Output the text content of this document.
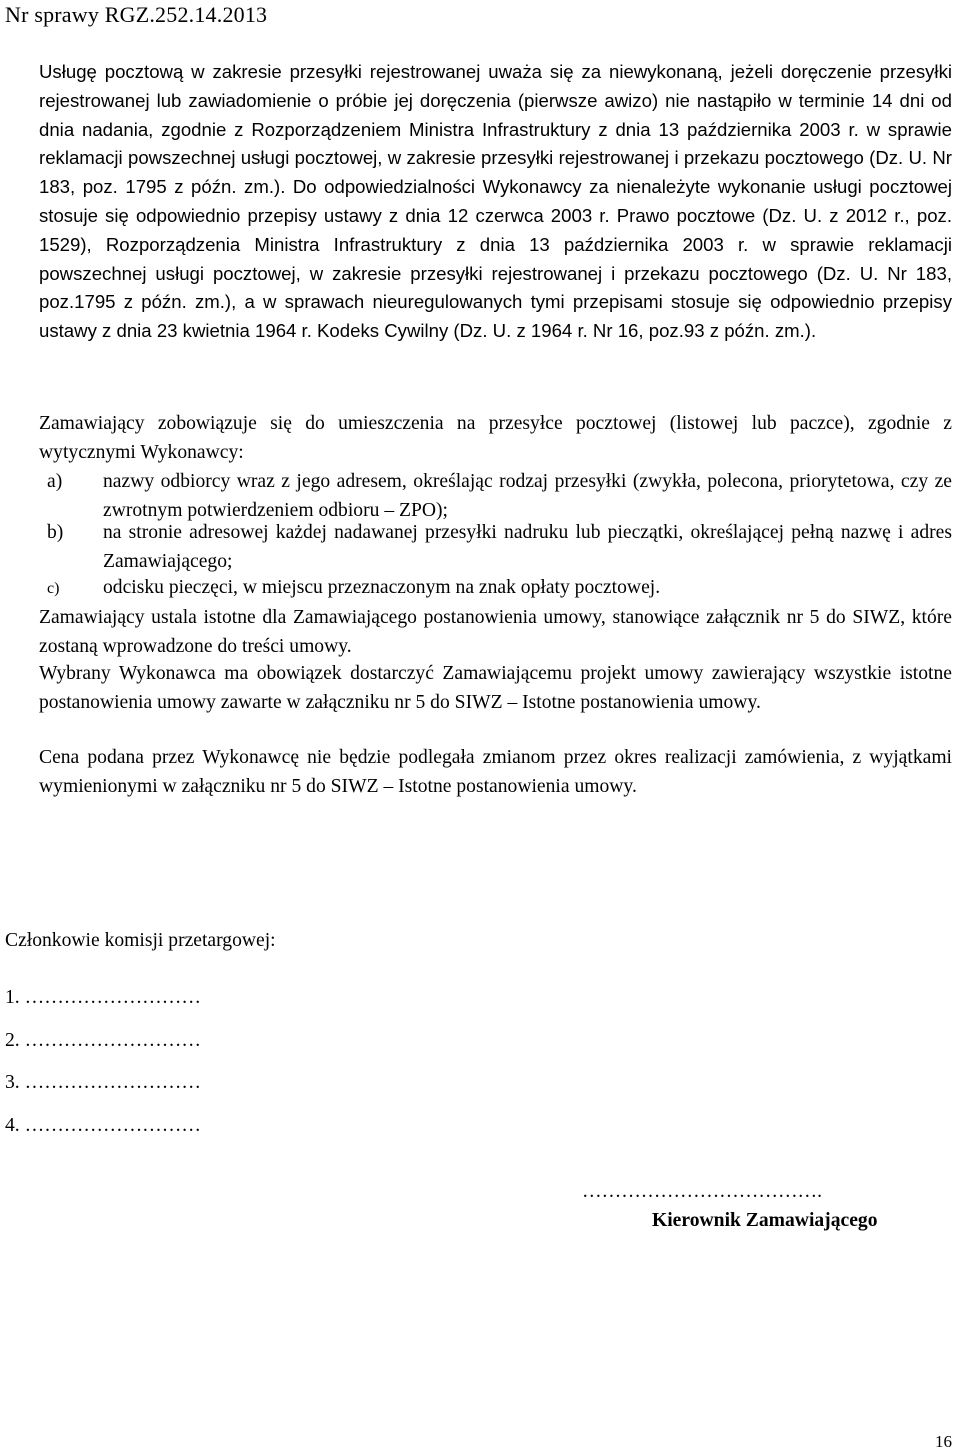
Nr sprawy RGZ.252.14.2013
Usługę pocztową w zakresie przesyłki rejestrowanej uważa się za niewykonaną, jeżeli doręczenie przesyłki rejestrowanej lub zawiadomienie o próbie jej doręczenia (pierwsze awizo) nie nastąpiło w terminie 14 dni od dnia nadania, zgodnie z Rozporządzeniem Ministra Infrastruktury z dnia 13 października 2003 r. w sprawie reklamacji powszechnej usługi pocztowej, w zakresie przesyłki rejestrowanej i przekazu pocztowego (Dz. U. Nr 183, poz. 1795 z późn. zm.). Do odpowiedzialności Wykonawcy za nienależyte wykonanie usługi pocztowej stosuje się odpowiednio przepisy ustawy z dnia 12 czerwca 2003 r. Prawo pocztowe (Dz. U. z 2012 r., poz. 1529), Rozporządzenia Ministra Infrastruktury z dnia 13 października 2003 r. w sprawie reklamacji powszechnej usługi pocztowej, w zakresie przesyłki rejestrowanej i przekazu pocztowego (Dz. U. Nr 183, poz.1795 z późn. zm.), a w sprawach nieuregulowanych tymi przepisami stosuje się odpowiednio przepisy ustawy z dnia 23 kwietnia 1964 r. Kodeks Cywilny (Dz. U. z 1964 r. Nr 16, poz.93 z późn. zm.).
Zamawiający zobowiązuje się do umieszczenia na przesyłce pocztowej (listowej lub paczce), zgodnie z wytycznymi Wykonawcy:
a) nazwy odbiorcy wraz z jego adresem, określając rodzaj przesyłki (zwykła, polecona, priorytetowa, czy ze zwrotnym potwierdzeniem odbioru – ZPO);
b) na stronie adresowej każdej nadawanej przesyłki nadruku lub pieczątki, określającej pełną nazwę i adres Zamawiającego;
c) odcisku pieczęci, w miejscu przeznaczonym na znak opłaty pocztowej.
Zamawiający ustala istotne dla Zamawiającego postanowienia umowy, stanowiące załącznik nr 5 do SIWZ, które zostaną wprowadzone do treści umowy.
Wybrany Wykonawca ma obowiązek dostarczyć Zamawiającemu projekt umowy zawierający wszystkie istotne postanowienia umowy zawarte w załączniku nr 5 do SIWZ – Istotne postanowienia umowy.
Cena podana przez Wykonawcę nie będzie podlegała zmianom przez okres realizacji zamówienia, z wyjątkami wymienionymi w załączniku nr 5 do SIWZ – Istotne postanowienia umowy.
Członkowie komisji przetargowej:
1. ………………………
2. ………………………
3. ………………………
4. ………………………
……………………………….
Kierownik Zamawiającego
16
